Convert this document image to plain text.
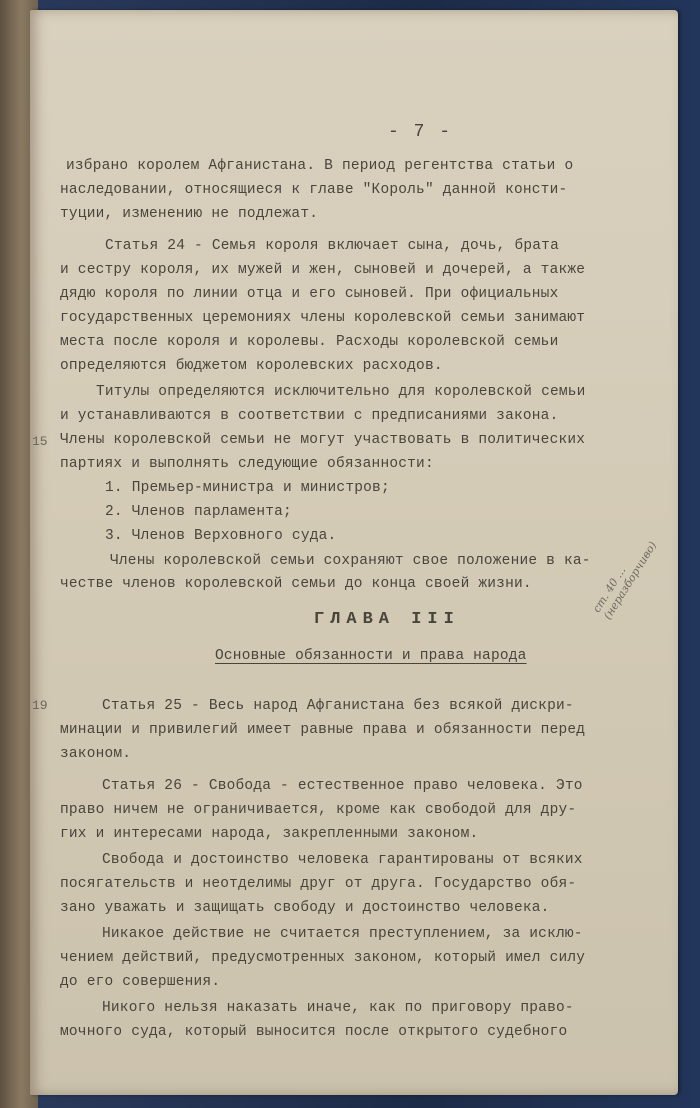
- 7 -
избрано королем Афганистана. В период регентства статьи о
наследовании, относящиеся к главе "Король" данной консти-
туции, изменению не подлежат.
Статья 24 - Семья короля включает сына, дочь, брата
и сестру короля, их мужей и жен, сыновей и дочерей, а также
дядю короля по линии отца и его сыновей. При официальных
государственных церемониях члены королевской семьи занимают
места после короля и королевы. Расходы королевской семьи
определяются бюджетом королевских расходов.
Титулы определяются исключительно для королевской семьи
и устанавливаются в соответствии с предписаниями закона.
Члены королевской семьи не могут участвовать в политических
партиях и выполнять следующие обязанности:
1. Премьер-министра и министров;
2. Членов парламента;
3. Членов Верховного суда.
Члены королевской семьи сохраняют свое положение в ка-
честве членов королевской семьи до конца своей жизни.
ГЛАВА III
Основные обязанности и права народа
Статья 25 - Весь народ Афганистана без всякой дискри-
минации и привилегий имеет равные права и обязанности перед
законом.
Статья 26 - Свобода - естественное право человека. Это
право ничем не ограничивается, кроме как свободой для дру-
гих и интересами народа, закрепленными законом.
Свобода и достоинство человека гарантированы от всяких
посягательств и неотделимы друг от друга. Государство обя-
зано уважать и защищать свободу и достоинство человека.
Никакое действие не считается преступлением, за исклю-
чением действий, предусмотренных законом, который имел силу
до его совершения.
Никого нельзя наказать иначе, как по приговору право-
мочного суда, который выносится после открытого судебного
15
19
ст. 40 ... (неразборчиво)
